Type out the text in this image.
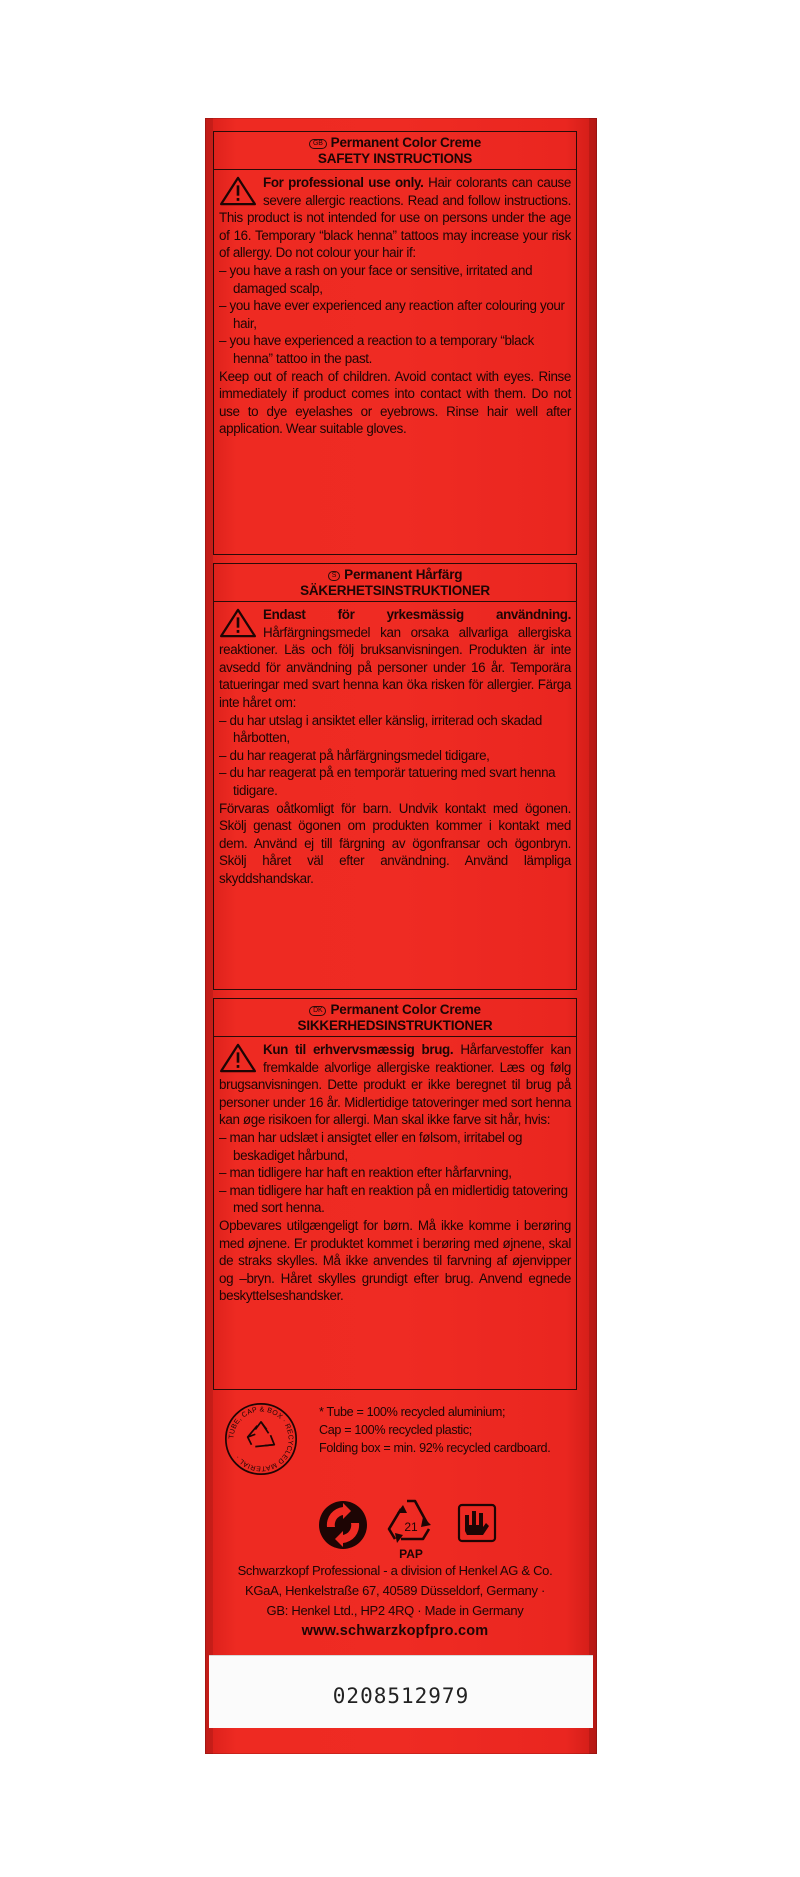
GB Permanent Color Creme
SAFETY INSTRUCTIONS
For professional use only. Hair colorants can cause severe allergic reactions. Read and follow instructions. This product is not intended for use on persons under the age of 16. Temporary “black henna” tattoos may increase your risk of allergy. Do not colour your hair if:
– you have a rash on your face or sensitive, irritated and damaged scalp,
– you have ever experienced any reaction after colouring your hair,
– you have experienced a reaction to a temporary “black henna” tattoo in the past.
Keep out of reach of children. Avoid contact with eyes. Rinse immediately if product comes into contact with them. Do not use to dye eyelashes or eyebrows. Rinse hair well after application. Wear suitable gloves.
S Permanent Hårfärg
SÄKERHETSINSTRUKTIONER
Endast för yrkesmässig användning. Hårfärgningsmedel kan orsaka allvarliga allergiska reaktioner. Läs och följ bruksanvisningen. Produkten är inte avsedd för användning på personer under 16 år. Temporära tatueringar med svart henna kan öka risken för allergier. Färga inte håret om:
– du har utslag i ansiktet eller känslig, irriterad och skadad hårbotten,
– du har reagerat på hårfärgningsmedel tidigare,
– du har reagerat på en temporär tatuering med svart henna tidigare.
Förvaras oåtkomligt för barn. Undvik kontakt med ögonen. Skölj genast ögonen om produkten kommer i kontakt med dem. Använd ej till färgning av ögonfransar och ögonbryn. Skölj håret väl efter användning. Använd lämpliga skyddshandskar.
DK Permanent Color Creme
SIKKERHEDSINSTRUKTIONER
Kun til erhvervsmæssig brug. Hårfarvestoffer kan fremkalde alvorlige allergiske reaktioner. Læs og følg brugsanvisningen. Dette produkt er ikke beregnet til brug på personer under 16 år. Midlertidige tatoveringer med sort henna kan øge risikoen for allergi. Man skal ikke farve sit hår, hvis:
– man har udslæt i ansigtet eller en følsom, irritabel og beskadiget hårbund,
– man tidligere har haft en reaktion efter hårfarvning,
– man tidligere har haft en reaktion på en midlertidig tatovering med sort henna.
Opbevares utilgængeligt for børn. Må ikke komme i berøring med øjnene. Er produktet kommet i berøring med øjnene, skal de straks skylles. Må ikke anvendes til farvning af øjenvipper og –bryn. Håret skylles grundigt efter brug. Anvend egnede beskyttelseshandsker.
TUBE, CAP & BOX · RECYCLED MATERIAL ·
* Tube = 100% recycled aluminium;
Cap = 100% recycled plastic;
Folding box = min. 92% recycled cardboard.
21
PAP
Schwarzkopf Professional - a division of Henkel AG & Co.
KGaA, Henkelstraße 67, 40589 Düsseldorf, Germany ·
GB: Henkel Ltd., HP2 4RQ · Made in Germany
www.schwarzkopfpro.com
0208512979
